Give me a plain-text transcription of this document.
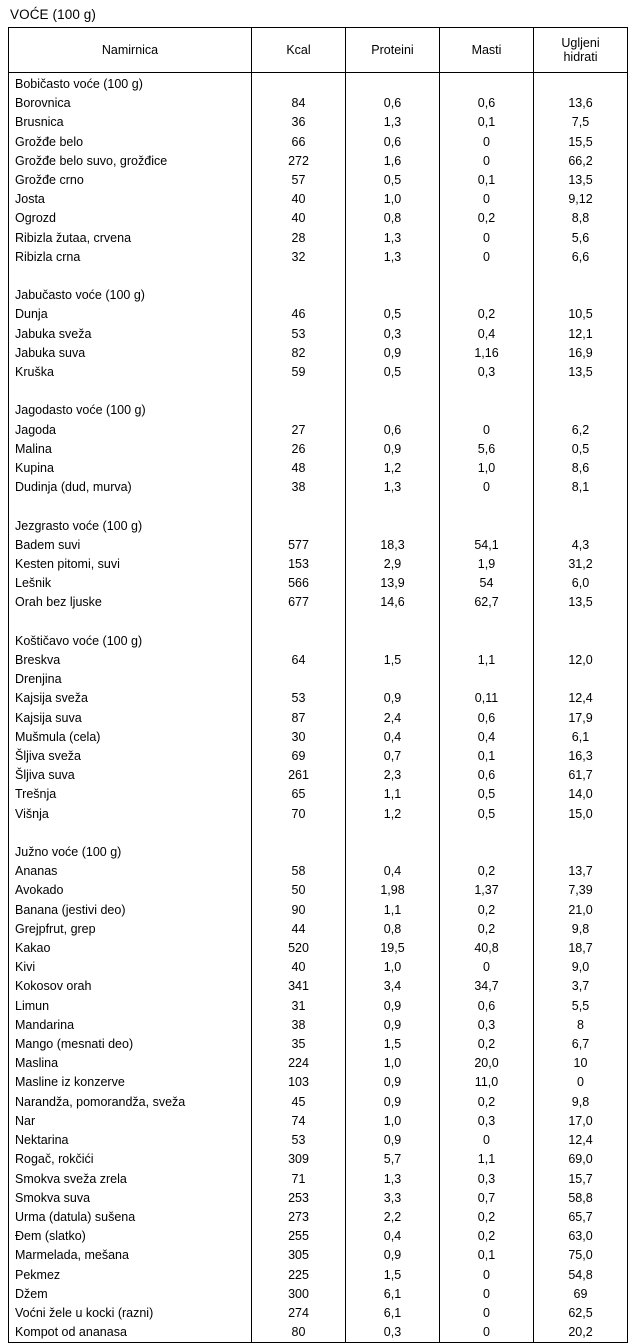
VOĆE (100 g)
Namirnica	Kcal	Proteini	Masti	Ugljeni
hidrati

Bobičasto voće (100 g)				
Borovnica	84	0,6	0,6	13,6
Brusnica	36	1,3	0,1	7,5
Grožđe belo	66	0,6	0	15,5
Grožđe belo suvo, grožđice	272	1,6	0	66,2
Grožđe crno	57	0,5	0,1	13,5
Josta	40	1,0	0	9,12
Ogrozd	40	0,8	0,2	8,8
Ribizla žutaa, crvena	28	1,3	0	5,6
Ribizla crna	32	1,3	0	6,6

Jabučasto voće (100 g)				
Dunja	46	0,5	0,2	10,5
Jabuka sveža	53	0,3	0,4	12,1
Jabuka suva	82	0,9	1,16	16,9
Kruška	59	0,5	0,3	13,5

Jagodasto voće (100 g)				
Jagoda	27	0,6	0	6,2
Malina	26	0,9	5,6	0,5
Kupina	48	1,2	1,0	8,6
Dudinja (dud, murva)	38	1,3	0	8,1

Jezgrasto voće (100 g)				
Badem suvi	577	18,3	54,1	4,3
Kesten pitomi, suvi	153	2,9	1,9	31,2
Lešnik	566	13,9	54	6,0
Orah bez ljuske	677	14,6	62,7	13,5

Koštičavo voće (100 g)				
Breskva	64	1,5	1,1	12,0
Drenjina				
Kajsija sveža	53	0,9	0,11	12,4
Kajsija suva	87	2,4	0,6	17,9
Mušmula (cela)	30	0,4	0,4	6,1
Šljiva sveža	69	0,7	0,1	16,3
Šljiva suva	261	2,3	0,6	61,7
Trešnja	65	1,1	0,5	14,0
Višnja	70	1,2	0,5	15,0

Južno voće (100 g)				
Ananas	58	0,4	0,2	13,7
Avokado	50	1,98	1,37	7,39
Banana (jestivi deo)	90	1,1	0,2	21,0
Grejpfrut, grep	44	0,8	0,2	9,8
Kakao	520	19,5	40,8	18,7
Kivi	40	1,0	0	9,0
Kokosov orah	341	3,4	34,7	3,7
Limun	31	0,9	0,6	5,5
Mandarina	38	0,9	0,3	8
Mango (mesnati deo)	35	1,5	0,2	6,7
Maslina	224	1,0	20,0	10
Masline iz konzerve	103	0,9	11,0	0
Narandža, pomorandža, sveža	45	0,9	0,2	9,8
Nar	74	1,0	0,3	17,0
Nektarina	53	0,9	0	12,4
Rogač, rokčići	309	5,7	1,1	69,0
Smokva sveža zrela	71	1,3	0,3	15,7
Smokva suva	253	3,3	0,7	58,8
Urma (datula) sušena	273	2,2	0,2	65,7
Đem (slatko)	255	0,4	0,2	63,0
Marmelada, mešana	305	0,9	0,1	75,0
Pekmez	225	1,5	0	54,8
Džem	300	6,1	0	69
Voćni žele u kocki (razni)	274	6,1	0	62,5
Kompot od ananasa	80	0,3	0	20,2
